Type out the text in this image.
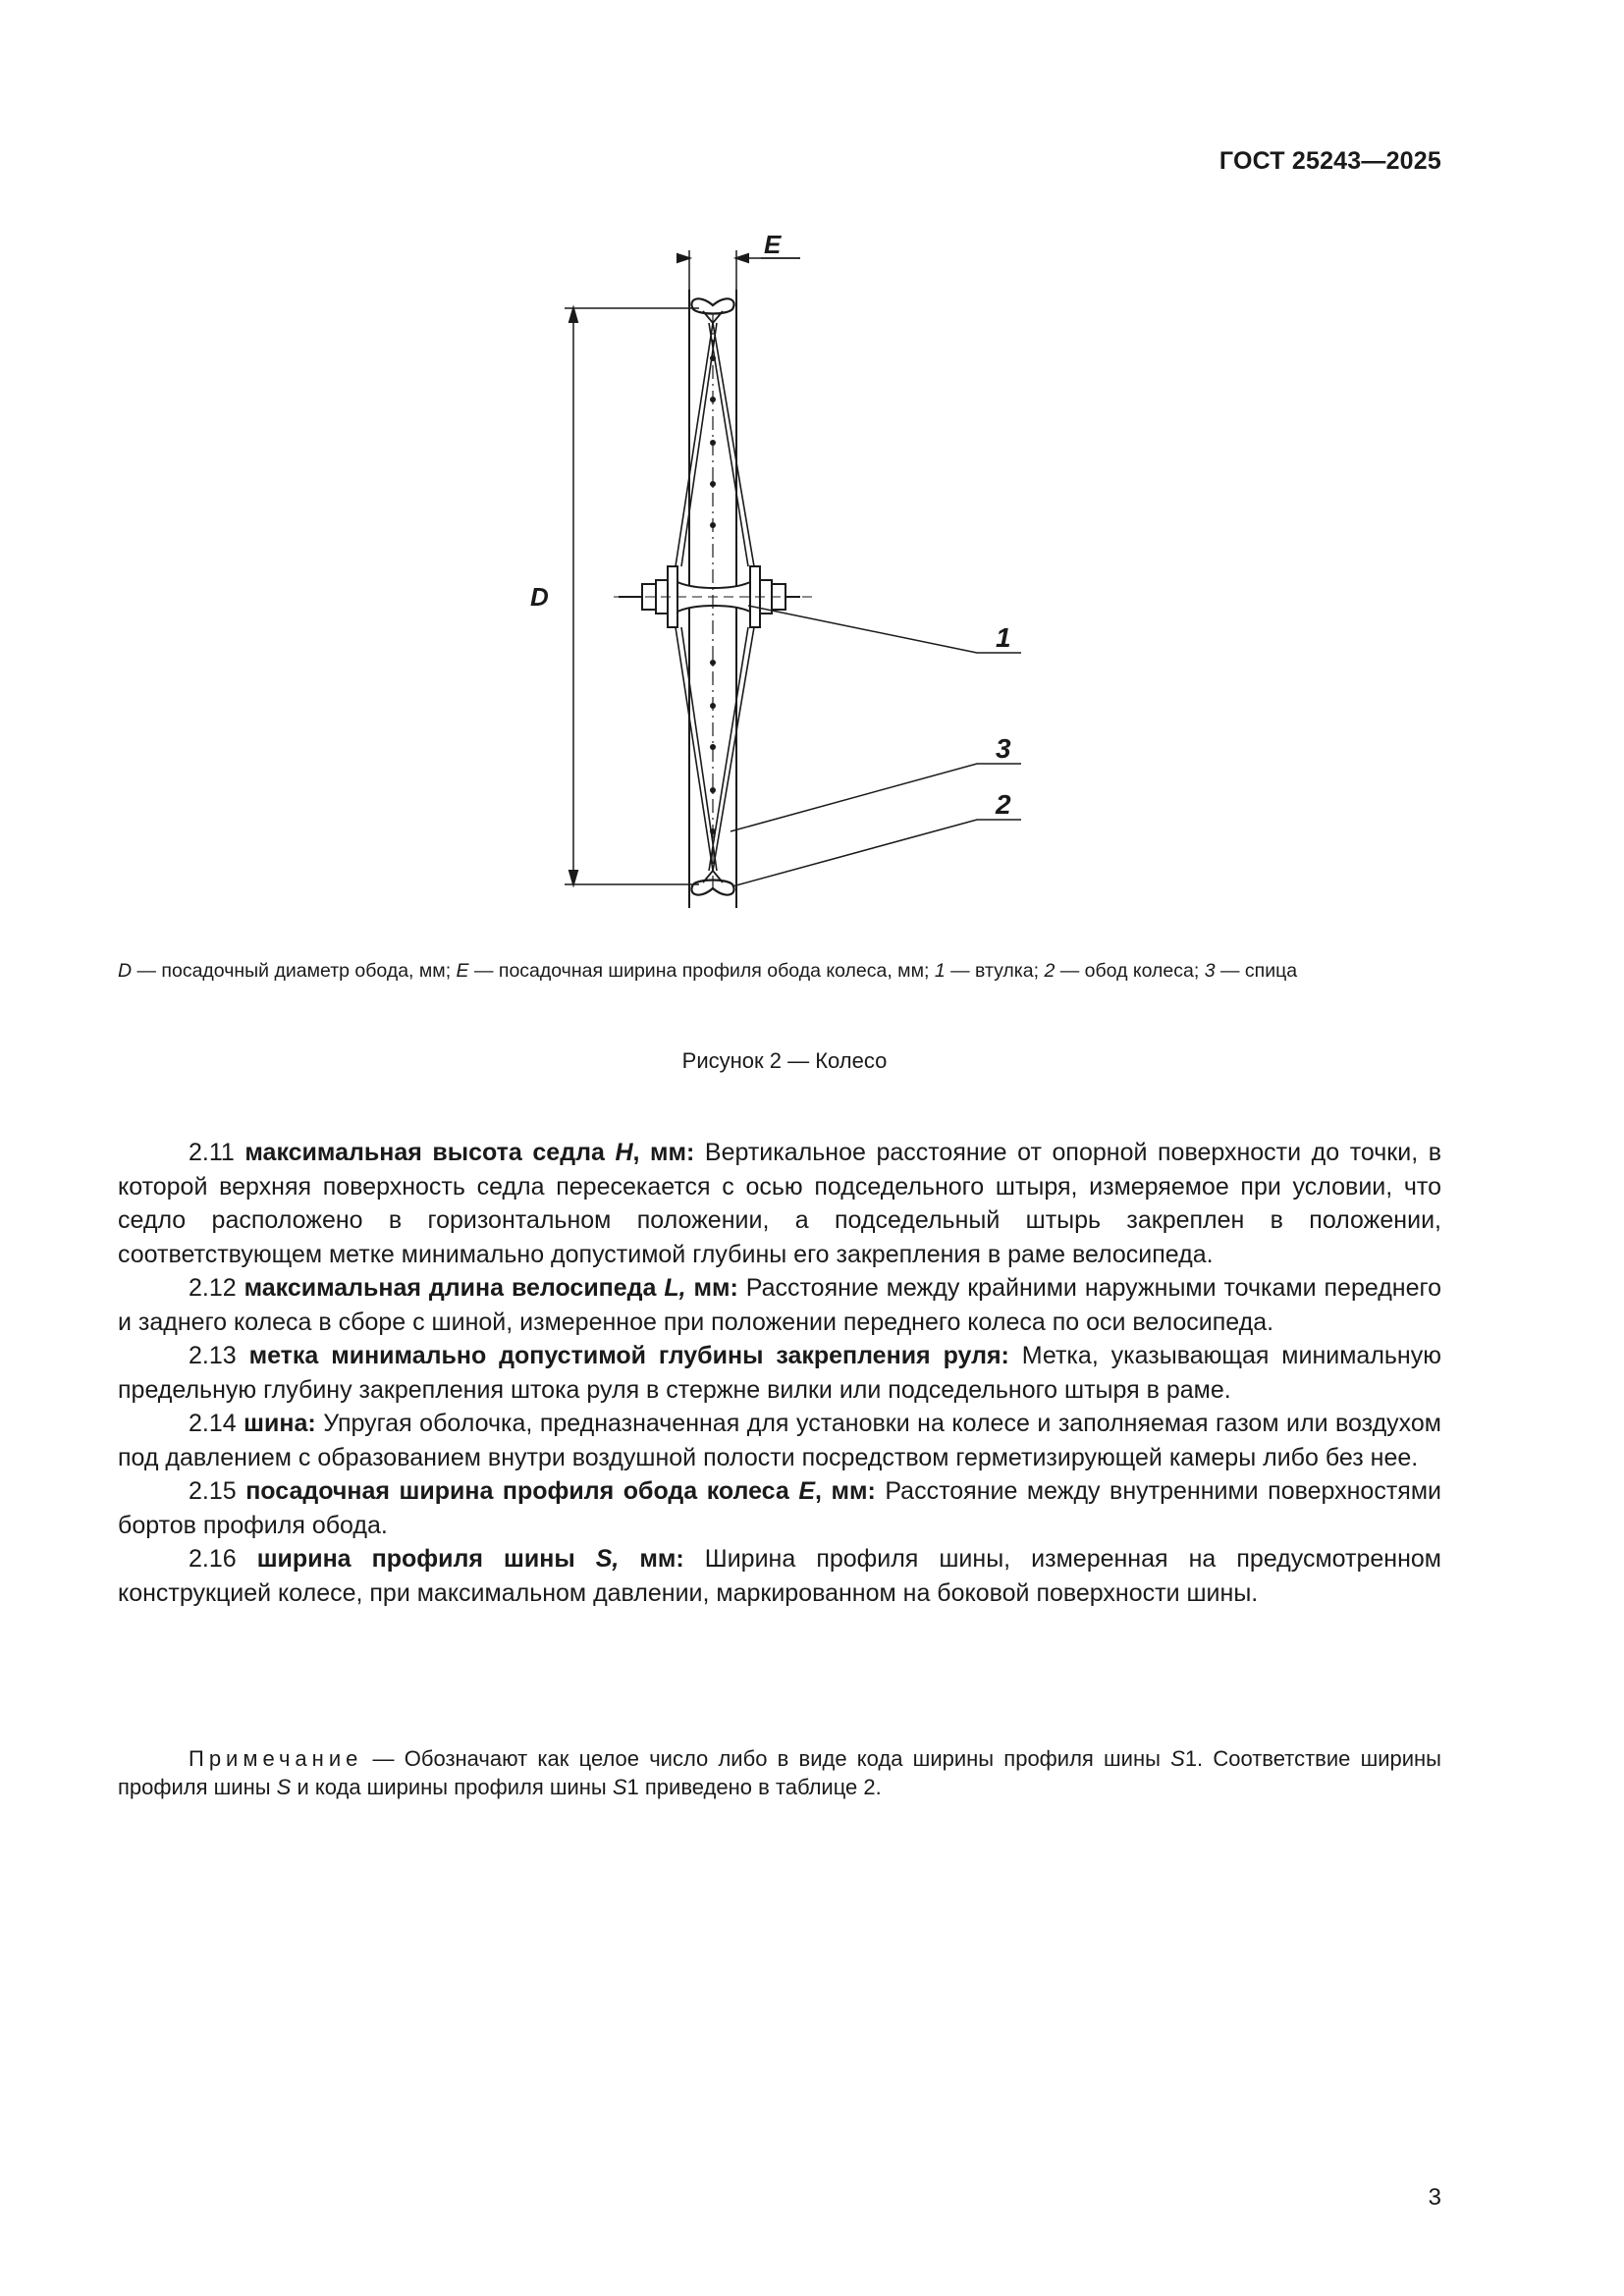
ГОСТ 25243—2025
E
D
1
3
2
D — посадочный диаметр обода, мм; E — посадочная ширина профиля обода колеса, мм; 1 — втулка; 2 — обод колеса; 3 — спица
Рисунок 2 — Колесо

2.11 максимальная высота седла H, мм: Вертикальное расстояние от опорной поверхности до точки, в которой верхняя поверхность седла пересекается с осью подседельного штыря, измеряемое при условии, что седло расположено в горизонтальном положении, а подседельный штырь закреплен в положении, соответствующем метке минимально допустимой глубины его закрепления в раме велосипеда.

2.12 максимальная длина велосипеда L, мм: Расстояние между крайними наружными точками переднего и заднего колеса в сборе с шиной, измеренное при положении переднего колеса по оси велосипеда.

2.13 метка минимально допустимой глубины закрепления руля: Метка, указывающая минимальную предельную глубину закрепления штока руля в стержне вилки или подседельного штыря в раме.

2.14 шина: Упругая оболочка, предназначенная для установки на колесе и заполняемая газом или воздухом под давлением с образованием внутри воздушной полости посредством герметизирующей камеры либо без нее.

2.15 посадочная ширина профиля обода колеса E, мм: Расстояние между внутренними поверхностями бортов профиля обода.

2.16 ширина профиля шины S, мм: Ширина профиля шины, измеренная на предусмотренном конструкцией колесе, при максимальном давлении, маркированном на боковой поверхности шины.

Примечание — Обозначают как целое число либо в виде кода ширины профиля шины S1. Соответствие ширины профиля шины S и кода ширины профиля шины S1 приведено в таблице 2.
3
